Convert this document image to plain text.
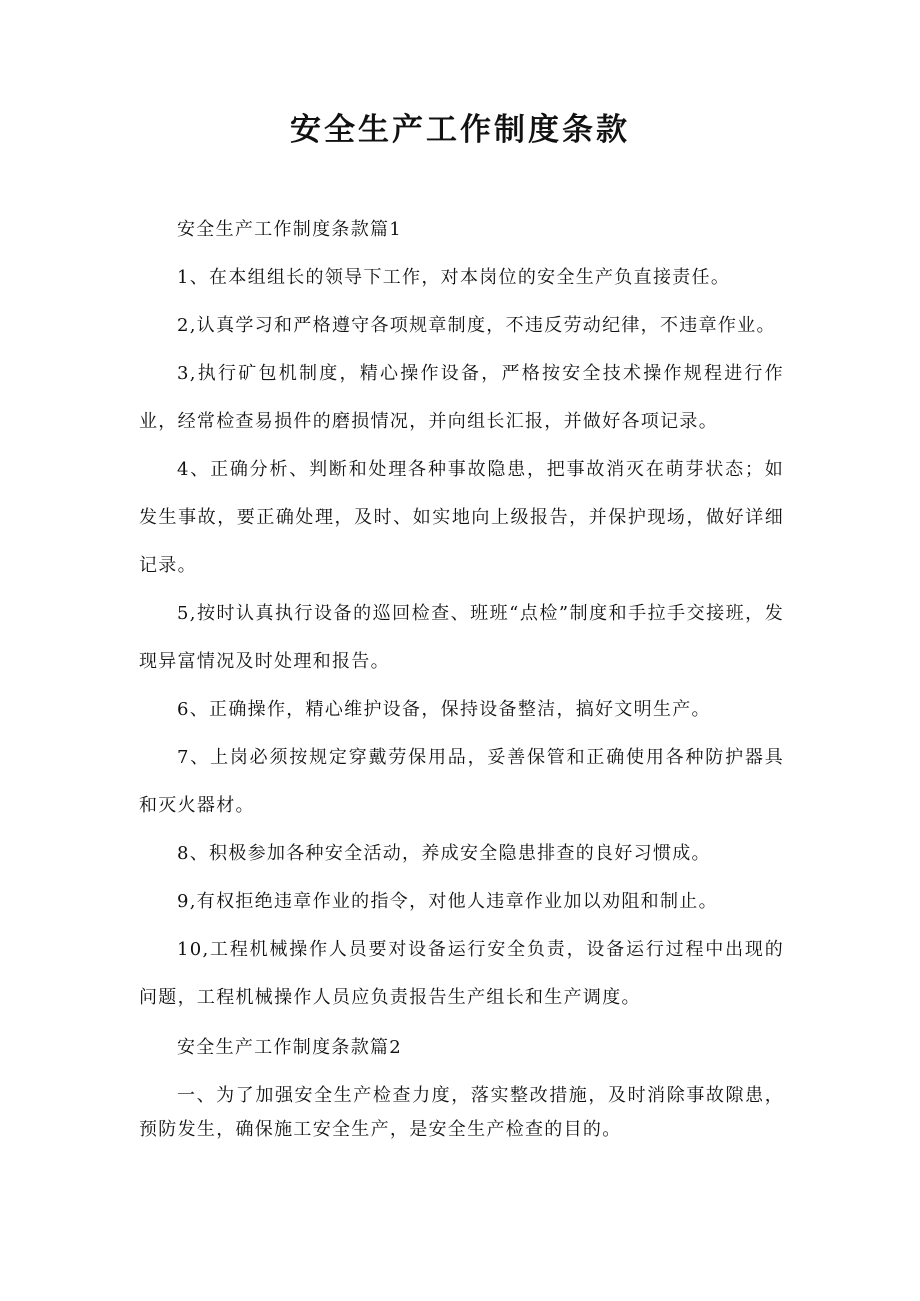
安全生产工作制度条款

安全生产工作制度条款篇1

1、在本组组长的领导下工作，对本岗位的安全生产负直接责任。

2,认真学习和严格遵守各项规章制度，不违反劳动纪律，不违章作业。

3,执行矿包机制度，精心操作设备，严格按安全技术操作规程进行作业，经常检查易损件的磨损情况，并向组长汇报，并做好各项记录。

4、正确分析、判断和处理各种事故隐患，把事故消灭在萌芽状态；如发生事故，要正确处理，及时、如实地向上级报告，并保护现场，做好详细记录。

5,按时认真执行设备的巡回检查、班班“点检”制度和手拉手交接班，发现异富情况及时处理和报告。

6、正确操作，精心维护设备，保持设备整洁，搞好文明生产。

7、上岗必须按规定穿戴劳保用品，妥善保管和正确使用各种防护器具和灭火器材。

8、积极参加各种安全活动，养成安全隐患排查的良好习惯成。

9,有权拒绝违章作业的指令，对他人违章作业加以劝阻和制止。

10,工程机械操作人员要对设备运行安全负责，设备运行过程中出现的问题，工程机械操作人员应负责报告生产组长和生产调度。

安全生产工作制度条款篇2

一、为了加强安全生产检查力度，落实整改措施，及时消除事故隙患，预防发生，确保施工安全生产，是安全生产检查的目的。
